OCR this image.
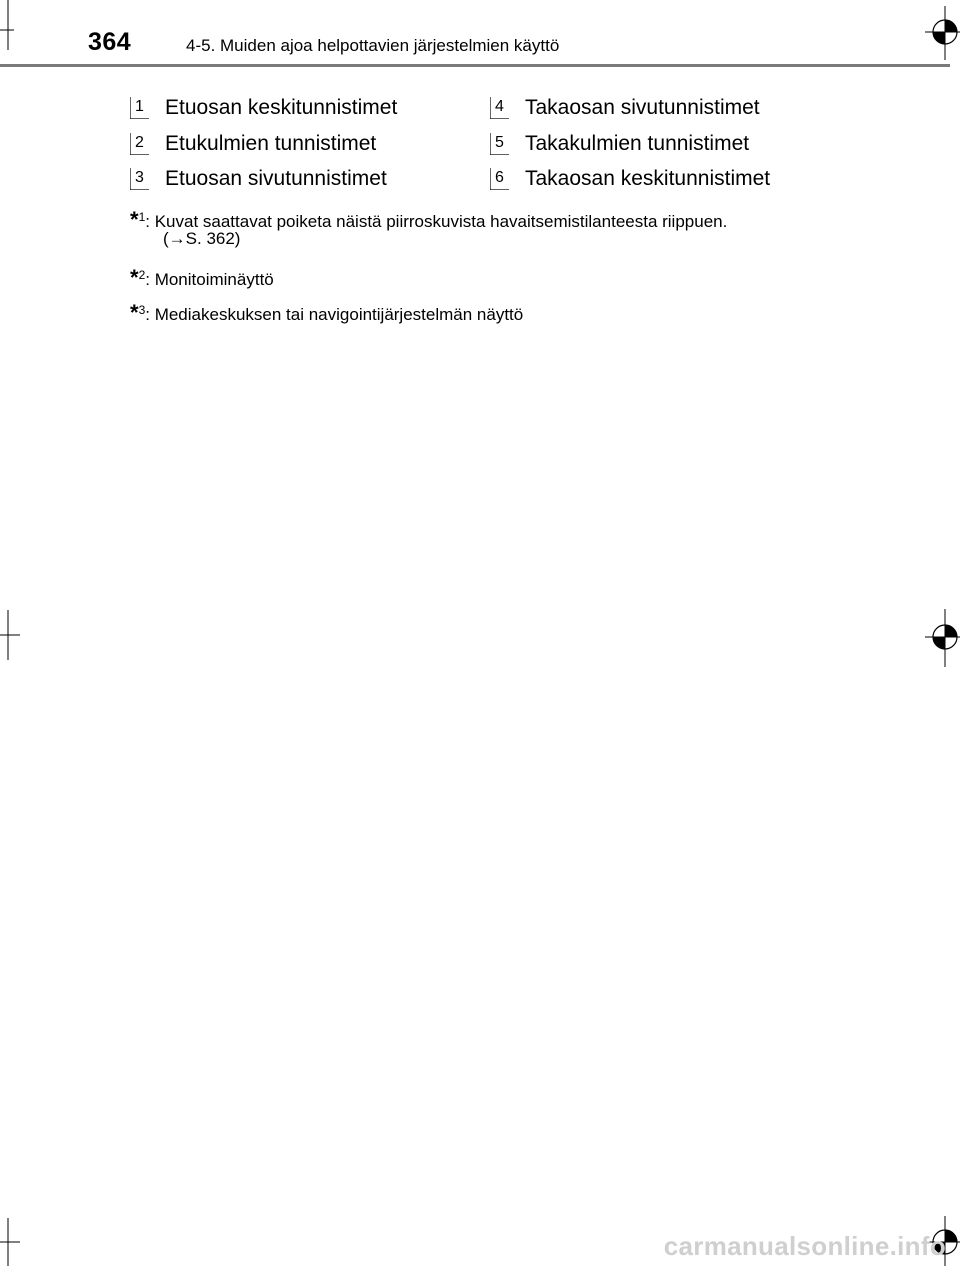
364	4-5. Muiden ajoa helpottavien järjestelmien käyttö
1 Etuosan keskitunnistimet
2 Etukulmien tunnistimet
3 Etuosan sivutunnistimet
4 Takaosan sivutunnistimet
5 Takakulmien tunnistimet
6 Takaosan keskitunnistimet
*$^1$: Kuvat saattavat poiketa näistä piirroskuvista havaitsemistilanteesta riippuen.
(→S. 362)
*$^2$: Monitoiminäyttö
*$^3$: Mediakeskuksen tai navigointijärjestelmän näyttö
carmanualsonline.info
